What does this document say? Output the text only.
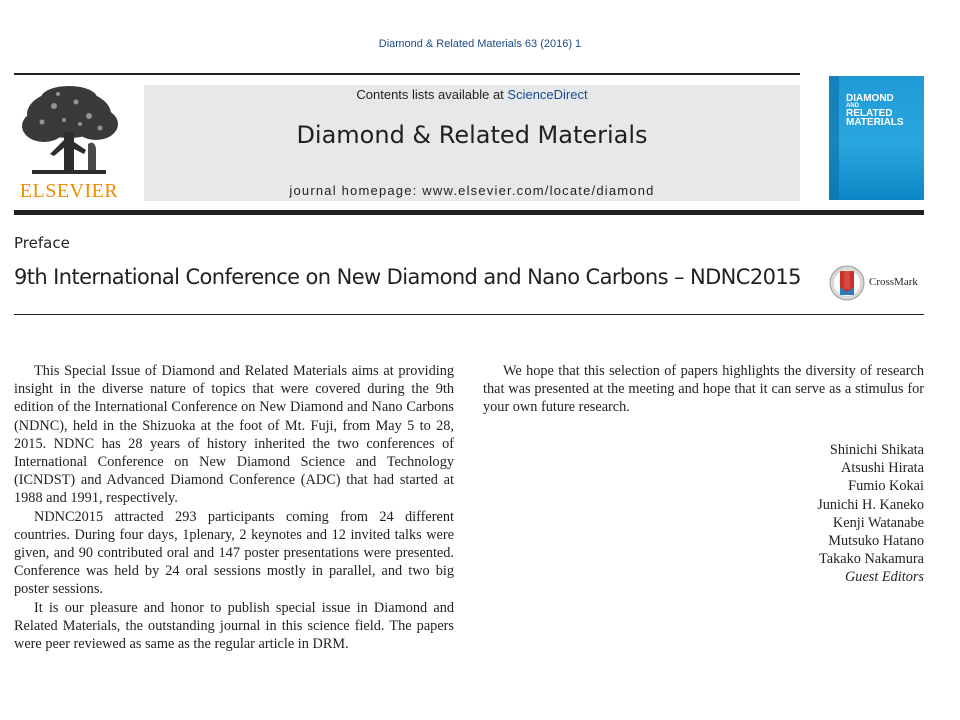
Diamond & Related Materials 63 (2016) 1
ELSEVIER
Contents lists available at ScienceDirect
Diamond & Related Materials
journal homepage: www.elsevier.com/locate/diamond
DIAMOND
AND
RELATED
MATERIALS
Preface
9th International Conference on New Diamond and Nano Carbons – NDNC2015	CrossMark

This Special Issue of Diamond and Related Materials aims at providing insight in the diverse nature of topics that were covered during the 9th edition of the International Conference on New Diamond and Nano Carbons (NDNC), held in the Shizuoka at the foot of Mt. Fuji, from May 5 to 28, 2015. NDNC has 28 years of history inherited the two conferences of International Conference on New Diamond Science and Technology (ICNDST) and Advanced Diamond Conference (ADC) that had started at 1988 and 1991, respectively.

NDNC2015 attracted 293 participants coming from 24 different countries. During four days, 1plenary, 2 keynotes and 12 invited talks were given, and 90 contributed oral and 147 poster presentations were presented. Conference was held by 24 oral sessions mostly in parallel, and two big poster sessions.

It is our pleasure and honor to publish special issue in Diamond and Related Materials, the outstanding journal in this science field. The papers were peer reviewed as same as the regular article in DRM.

We hope that this selection of papers highlights the diversity of research that was presented at the meeting and hope that it can serve as a stimulus for your own future research.

Shinichi Shikata
Atsushi Hirata
Fumio Kokai
Junichi H. Kaneko
Kenji Watanabe
Mutsuko Hatano
Takako Nakamura
Guest Editors
